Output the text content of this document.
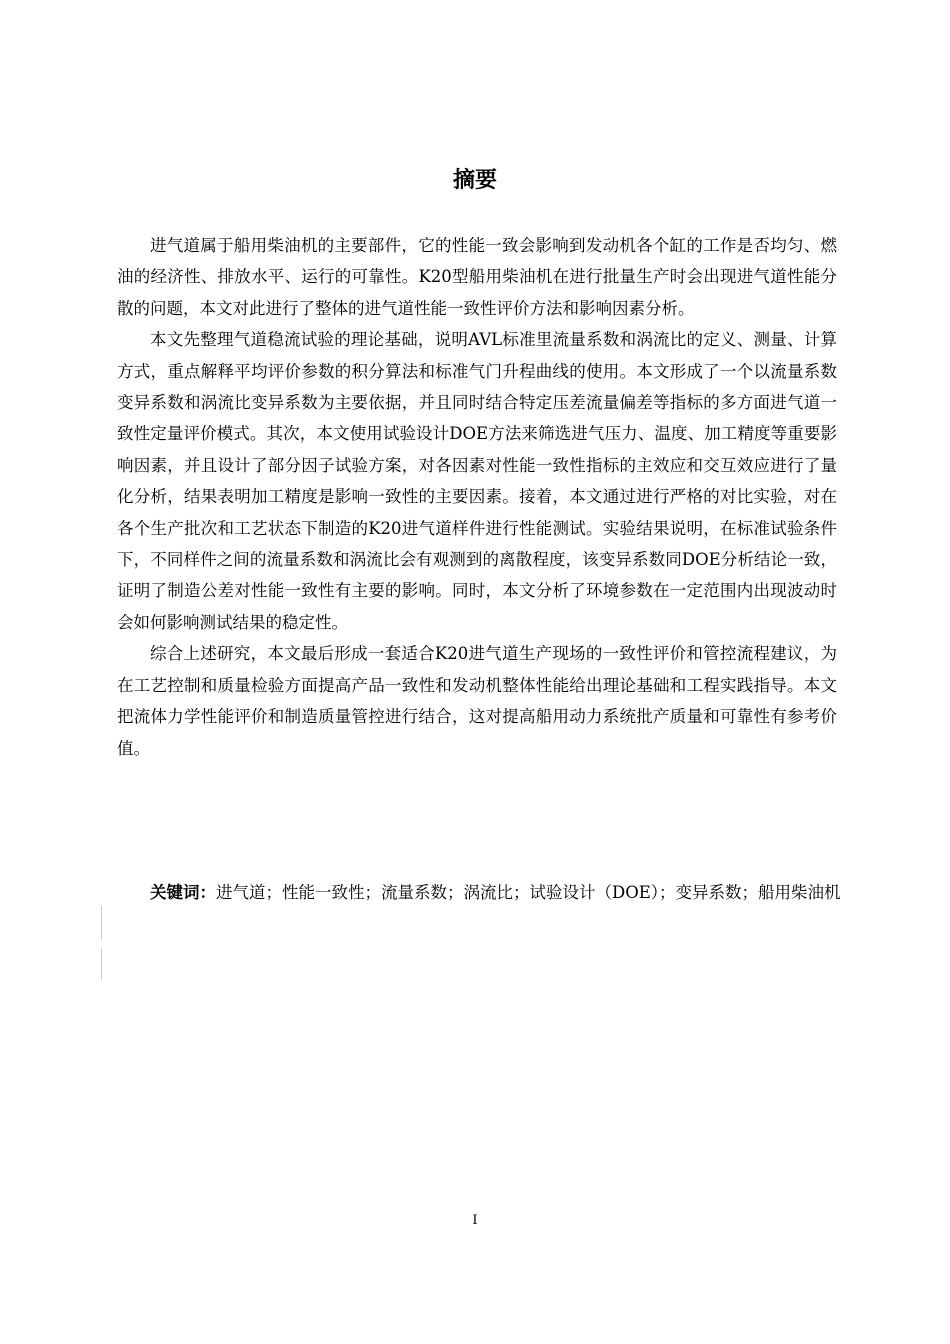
摘要

进气道属于船用柴油机的主要部件，它的性能一致会影响到发动机各个缸的工作是否均匀、燃油的经济性、排放水平、运行的可靠性。K20型船用柴油机在进行批量生产时会出现进气道性能分散的问题，本文对此进行了整体的进气道性能一致性评价方法和影响因素分析。

本文先整理气道稳流试验的理论基础，说明AVL标准里流量系数和涡流比的定义、测量、计算方式，重点解释平均评价参数的积分算法和标准气门升程曲线的使用。本文形成了一个以流量系数变异系数和涡流比变异系数为主要依据，并且同时结合特定压差流量偏差等指标的多方面进气道一致性定量评价模式。其次，本文使用试验设计DOE方法来筛选进气压力、温度、加工精度等重要影响因素，并且设计了部分因子试验方案，对各因素对性能一致性指标的主效应和交互效应进行了量化分析，结果表明加工精度是影响一致性的主要因素。接着，本文通过进行严格的对比实验，对在各个生产批次和工艺状态下制造的K20进气道样件进行性能测试。实验结果说明，在标准试验条件下，不同样件之间的流量系数和涡流比会有观测到的离散程度，该变异系数同DOE分析结论一致，证明了制造公差对性能一致性有主要的影响。同时，本文分析了环境参数在一定范围内出现波动时会如何影响测试结果的稳定性。

综合上述研究，本文最后形成一套适合K20进气道生产现场的一致性评价和管控流程建议，为在工艺控制和质量检验方面提高产品一致性和发动机整体性能给出理论基础和工程实践指导。本文把流体力学性能评价和制造质量管控进行结合，这对提高船用动力系统批产质量和可靠性有参考价值。

关键词：进气道；性能一致性；流量系数；涡流比；试验设计（DOE）；变异系数；船用柴油机
I
